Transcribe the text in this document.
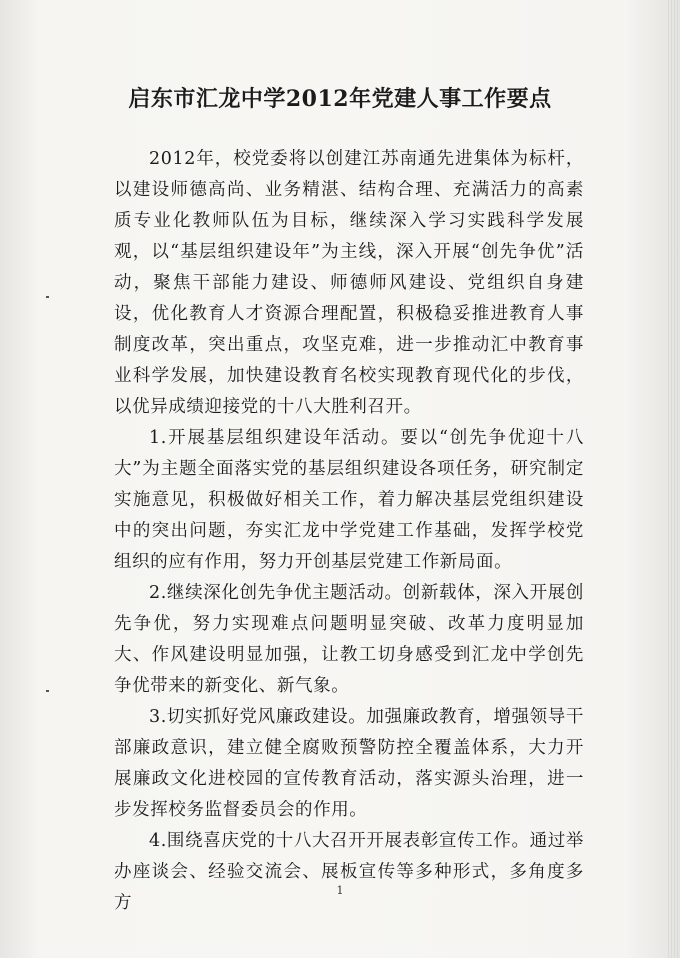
启东市汇龙中学2012年党建人事工作要点

2012年，校党委将以创建江苏南通先进集体为标杆，以建设师德高尚、业务精湛、结构合理、充满活力的高素质专业化教师队伍为目标，继续深入学习实践科学发展观，以“基层组织建设年”为主线，深入开展“创先争优”活动，聚焦干部能力建设、师德师风建设、党组织自身建设，优化教育人才资源合理配置，积极稳妥推进教育人事制度改革，突出重点，攻坚克难，进一步推动汇中教育事业科学发展，加快建设教育名校实现教育现代化的步伐，以优异成绩迎接党的十八大胜利召开。

1.开展基层组织建设年活动。要以“创先争优迎十八大”为主题全面落实党的基层组织建设各项任务，研究制定实施意见，积极做好相关工作，着力解决基层党组织建设中的突出问题，夯实汇龙中学党建工作基础，发挥学校党组织的应有作用，努力开创基层党建工作新局面。

2.继续深化创先争优主题活动。创新载体，深入开展创先争优，努力实现难点问题明显突破、改革力度明显加大、作风建设明显加强，让教工切身感受到汇龙中学创先争优带来的新变化、新气象。

3.切实抓好党风廉政建设。加强廉政教育，增强领导干部廉政意识，建立健全腐败预警防控全覆盖体系，大力开展廉政文化进校园的宣传教育活动，落实源头治理，进一步发挥校务监督委员会的作用。

4.围绕喜庆党的十八大召开开展表彰宣传工作。通过举办座谈会、经验交流会、展板宣传等多种形式，多角度多方

1
